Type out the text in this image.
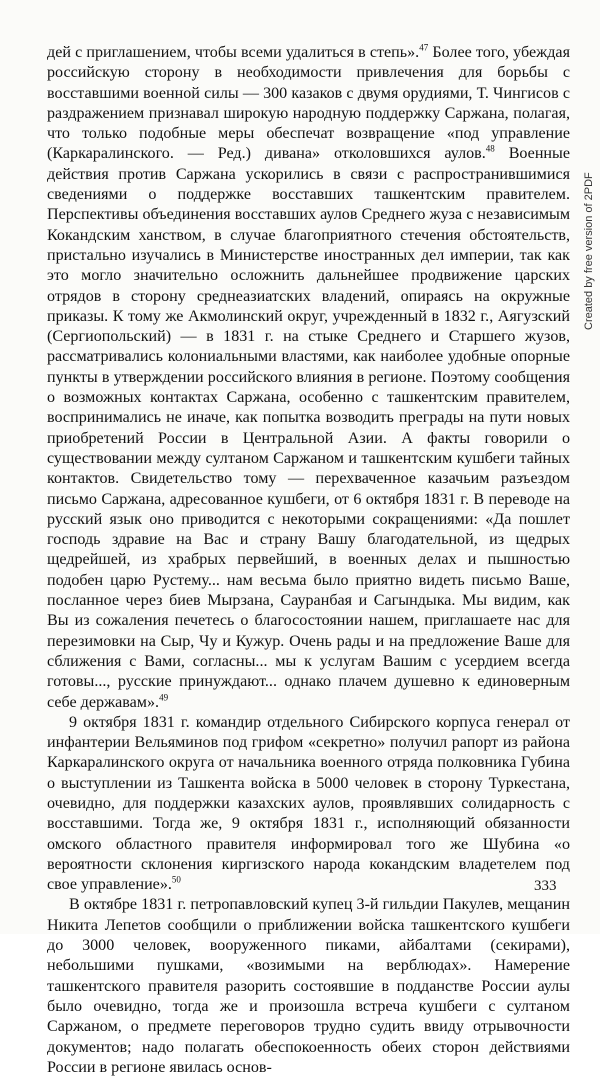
дей с приглашением, чтобы всеми удалиться в степь».$^{47}$ Более того, убеждая российскую сторону в необходимости привлечения для борьбы с восставшими военной силы — 300 казаков с двумя орудиями, Т. Чингисов с раздражением признавал широкую народную поддержку Саржана, полагая, что только подобные меры обеспечат возвращение «под управление (Каркаралинского. — Ред.) дивана» отколовшихся аулов.$^{48}$ Военные действия против Саржана ускорились в связи с распространившимися сведениями о поддержке восставших ташкентским правителем. Перспективы объединения восставших аулов Среднего жуза с независимым Кокандским ханством, в случае благоприятного стечения обстоятельств, пристально изучались в Министерстве иностранных дел империи, так как это могло значительно осложнить дальнейшее продвижение царских отрядов в сторону среднеазиатских владений, опираясь на окружные приказы. К тому же Акмолинский округ, учрежденный в 1832 г., Аягузский (Сергиопольский) — в 1831 г. на стыке Среднего и Старшего жузов, рассматривались колониальными властями, как наиболее удобные опорные пункты в утверждении российского влияния в регионе. Поэтому сообщения о возможных контактах Саржана, особенно с ташкентским правителем, воспринимались не иначе, как попытка возводить преграды на пути новых приобретений России в Центральной Азии. А факты говорили о существовании между султаном Саржаном и ташкентским кушбеги тайных контактов. Свидетельство тому — перехваченное казачьим разъездом письмо Саржана, адресованное кушбеги, от 6 октября 1831 г. В переводе на русский язык оно приводится с некоторыми сокращениями: «Да пошлет господь здравие на Вас и страну Вашу благодательной, из щедрых щедрейшей, из храбрых первейший, в военных делах и пышностью подобен царю Рустему... нам весьма было приятно видеть письмо Ваше, посланное через биев Мырзана, Сауранбая и Сагындыка. Мы видим, как Вы из сожаления печетесь о благосостоянии нашем, приглашаете нас для перезимовки на Сыр, Чу и Кужур. Очень рады и на предложение Ваше для сближения с Вами, согласны... мы к услугам Вашим с усердием всегда готовы..., русские принуждают... однако плачем душевно к единоверным себе державам».$^{49}$

9 октября 1831 г. командир отдельного Сибирского корпуса генерал от инфантерии Вельяминов под грифом «секретно» получил рапорт из района Каркаралинского округа от начальника военного отряда полковника Губина о выступлении из Ташкента войска в 5000 человек в сторону Туркестана, очевидно, для поддержки казахских аулов, проявлявших солидарность с восставшими. Тогда же, 9 октября 1831 г., исполняющий обязанности омского областного правителя информировал того же Шубина «о вероятности склонения киргизского народа кокандским владетелем под свое управление».$^{50}$

В октябре 1831 г. петропавловский купец 3-й гильдии Пакулев, мещанин Никита Лепетов сообщили о приближении войска ташкентского кушбеги до 3000 человек, вооруженного пиками, айбалтами (секирами), небольшими пушками, «возимыми на верблюдах». Намерение ташкентского правителя разорить состоявшие в подданстве России аулы было очевидно, тогда же и произошла встреча кушбеги с султаном Саржаном, о предмете переговоров трудно судить ввиду отрывочности документов; надо полагать обеспокоенность обеих сторон действиями России в регионе явилась основ-

333
Created by free version of 2PDF
